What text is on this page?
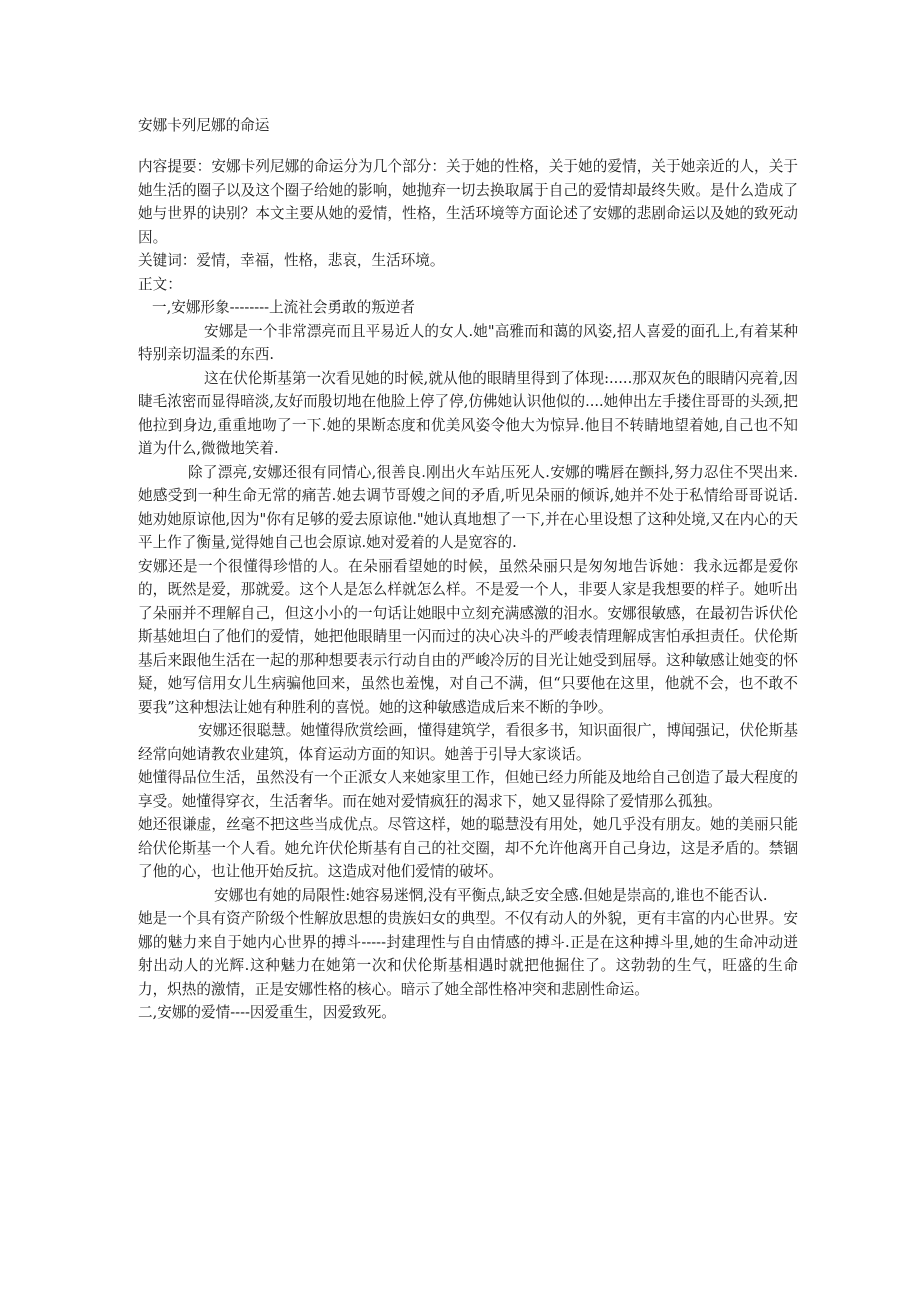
安娜卡列尼娜的命运

内容提要：安娜卡列尼娜的命运分为几个部分：关于她的性格，关于她的爱情，关于她亲近的人，关于她生活的圈子以及这个圈子给她的影响，她抛弃一切去换取属于自己的爱情却最终失败。是什么造成了她与世界的诀别？本文主要从她的爱情，性格，生活环境等方面论述了安娜的悲剧命运以及她的致死动因。

关键词：爱情，幸福，性格，悲哀，生活环境。

正文：

一,安娜形象--------上流社会勇敢的叛逆者

安娜是一个非常漂亮而且平易近人的女人.她"高雅而和蔼的风姿,招人喜爱的面孔上,有着某种特别亲切温柔的东西.

这在伏伦斯基第一次看见她的时候,就从他的眼睛里得到了体现:.....那双灰色的眼睛闪亮着,因睫毛浓密而显得暗淡,友好而殷切地在他脸上停了停,仿佛她认识他似的....她伸出左手搂住哥哥的头颈,把他拉到身边,重重地吻了一下.她的果断态度和优美风姿令他大为惊异.他目不转睛地望着她,自己也不知道为什么,微微地笑着.

除了漂亮,安娜还很有同情心,很善良.刚出火车站压死人.安娜的嘴唇在颤抖,努力忍住不哭出来.她感受到一种生命无常的痛苦.她去调节哥嫂之间的矛盾,听见朵丽的倾诉,她并不处于私情给哥哥说话.她劝她原谅他,因为"你有足够的爱去原谅他."她认真地想了一下,并在心里设想了这种处境,又在内心的天平上作了衡量,觉得她自己也会原谅.她对爱着的人是宽容的.

安娜还是一个很懂得珍惜的人。在朵丽看望她的时候，虽然朵丽只是匆匆地告诉她：我永远都是爱你的，既然是爱，那就爱。这个人是怎么样就怎么样。不是爱一个人，非要人家是我想要的样子。她听出了朵丽并不理解自己，但这小小的一句话让她眼中立刻充满感激的泪水。安娜很敏感，在最初告诉伏伦斯基她坦白了他们的爱情，她把他眼睛里一闪而过的决心决斗的严峻表情理解成害怕承担责任。伏伦斯基后来跟他生活在一起的那种想要表示行动自由的严峻冷厉的目光让她受到屈辱。这种敏感让她变的怀疑，她写信用女儿生病骗他回来，虽然也羞愧，对自己不满，但“只要他在这里，他就不会，也不敢不要我”这种想法让她有种胜利的喜悦。她的这种敏感造成后来不断的争吵。

安娜还很聪慧。她懂得欣赏绘画，懂得建筑学，看很多书，知识面很广，博闻强记，伏伦斯基经常向她请教农业建筑，体育运动方面的知识。她善于引导大家谈话。

她懂得品位生活，虽然没有一个正派女人来她家里工作，但她已经力所能及地给自己创造了最大程度的享受。她懂得穿衣，生活奢华。而在她对爱情疯狂的渴求下，她又显得除了爱情那么孤独。

她还很谦虚，丝毫不把这些当成优点。尽管这样，她的聪慧没有用处，她几乎没有朋友。她的美丽只能给伏伦斯基一个人看。她允许伏伦斯基有自己的社交圈，却不允许他离开自己身边，这是矛盾的。禁锢了他的心，也让他开始反抗。这造成对他们爱情的破坏。

安娜也有她的局限性:她容易迷惘,没有平衡点,缺乏安全感.但她是崇高的,谁也不能否认.

她是一个具有资产阶级个性解放思想的贵族妇女的典型。不仅有动人的外貌，更有丰富的内心世界。安娜的魅力来自于她内心世界的搏斗-----封建理性与自由情感的搏斗.正是在这种搏斗里,她的生命冲动迸射出动人的光辉.这种魅力在她第一次和伏伦斯基相遇时就把他掘住了。这勃勃的生气，旺盛的生命力，炽热的激情，正是安娜性格的核心。暗示了她全部性格冲突和悲剧性命运。

二,安娜的爱情----因爱重生，因爱致死。
